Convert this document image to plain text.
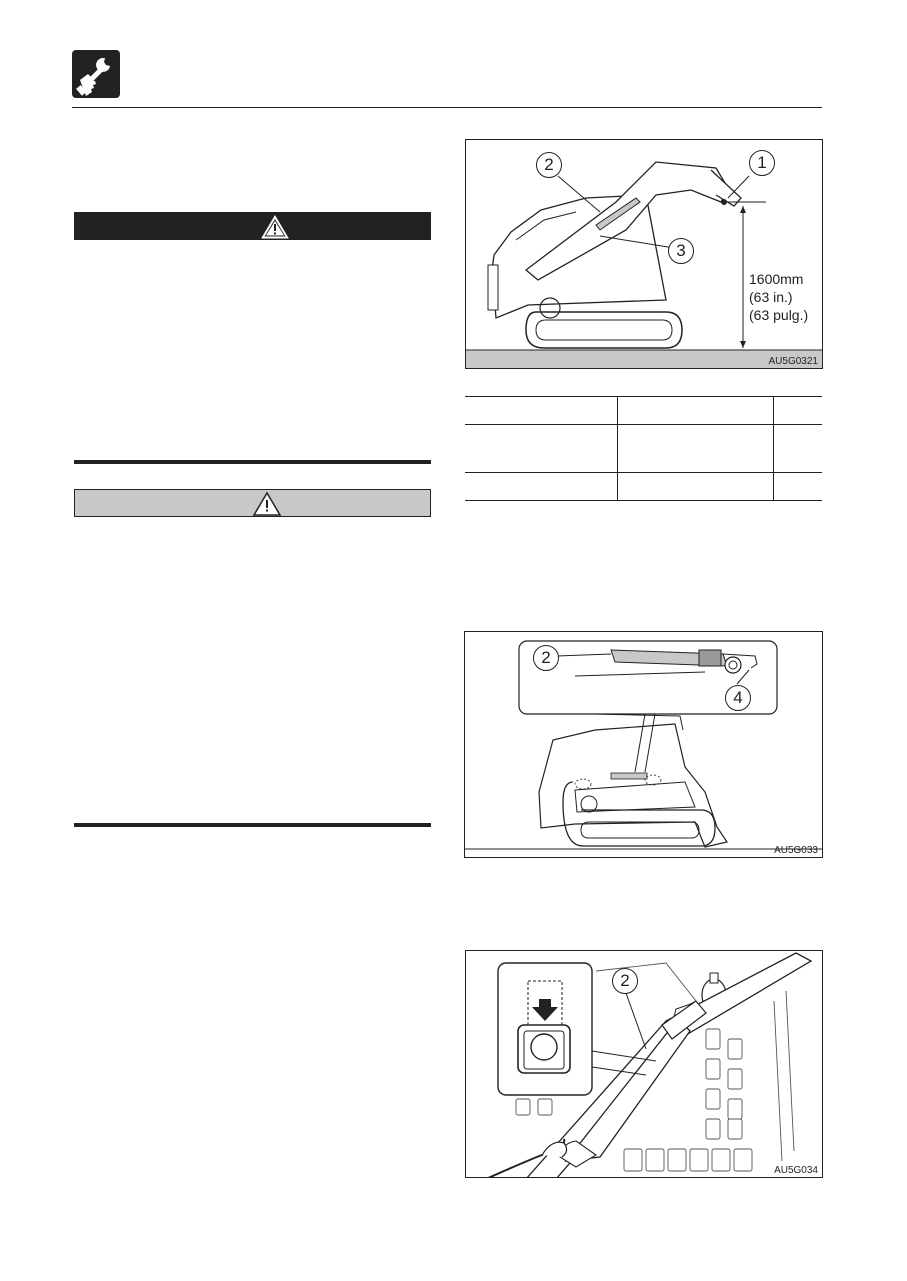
1
2
3
1600mm
(63 in.)
(63 pulg.)
AU5G0321

2
4
AU5G033
2
AU5G034
